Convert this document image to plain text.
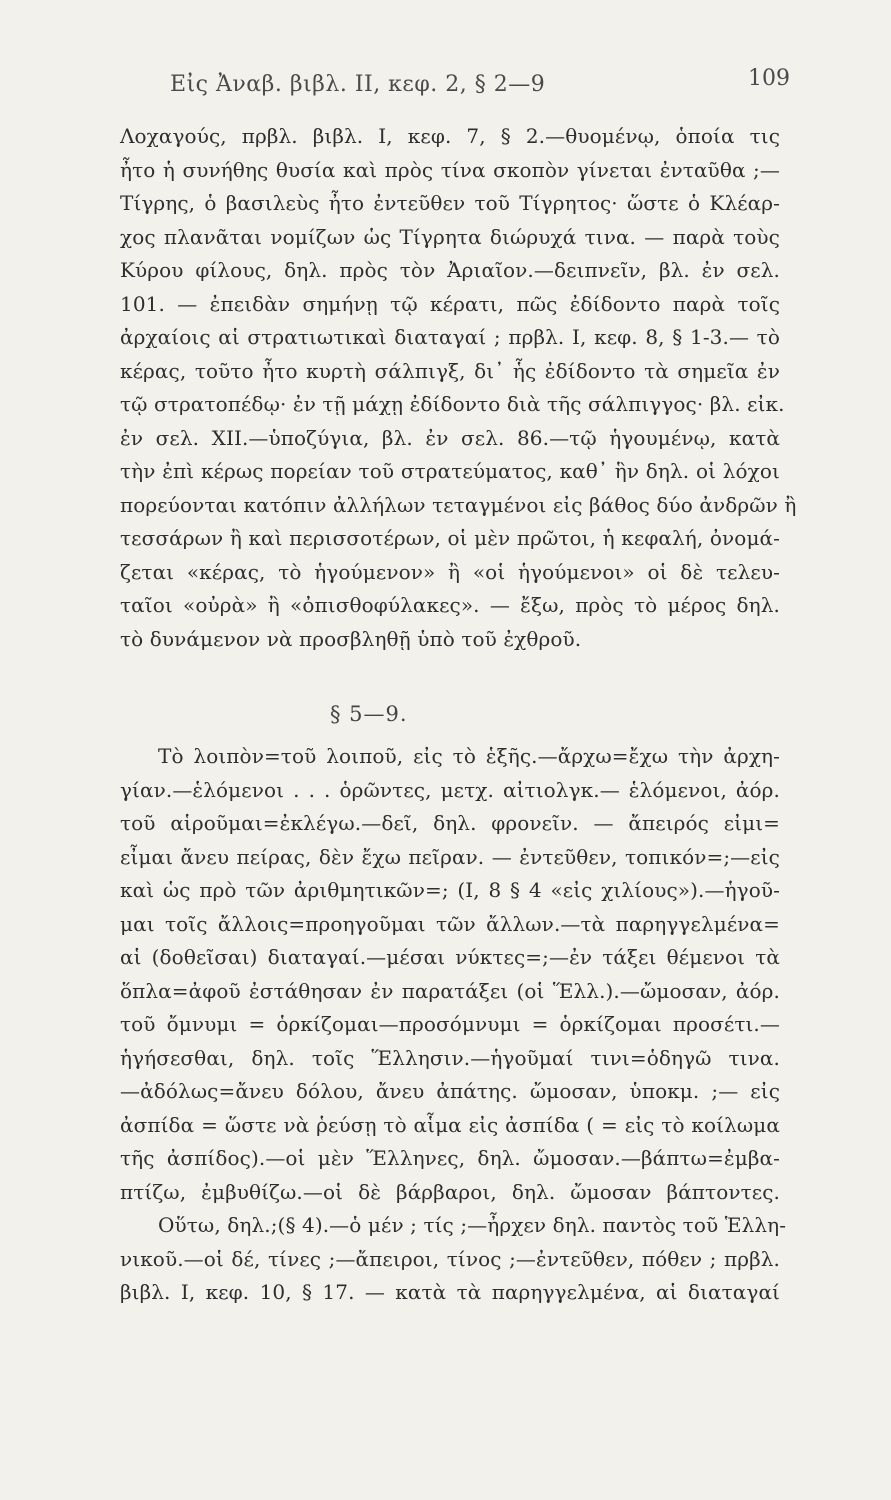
Εἰς Ἀναβ. βιβλ. II, κεφ. 2, § 2—9	109
Λοχαγούς, πρβλ. βιβλ. I, κεφ. 7, § 2.—θυομένῳ, ὁποία τις
ἦτο ἡ συνήθης θυσία καὶ πρὸς τίνα σκοπὸν γίνεται ἐνταῦθα ;—
Τίγρης, ὁ βασιλεὺς ἦτο ἐντεῦθεν τοῦ Τίγρητος· ὥστε ὁ Κλέαρ-
χος πλανᾶται νομίζων ὡς Τίγρητα διώρυχά τινα. — παρὰ τοὺς
Κύρου φίλους, δηλ. πρὸς τὸν Ἀριαῖον.—δειπνεῖν, βλ. ἐν σελ.
101. — ἐπειδὰν σημήνῃ τῷ κέρατι, πῶς ἐδίδοντο παρὰ τοῖς
ἀρχαίοις αἱ στρατιωτικαὶ διαταγαί ; πρβλ. I, κεφ. 8, § 1-3.— τὸ
κέρας, τοῦτο ἦτο κυρτὴ σάλπιγξ, δι᾽ ἧς ἐδίδοντο τὰ σημεῖα ἐν
τῷ στρατοπέδῳ· ἐν τῇ μάχῃ ἐδίδοντο διὰ τῆς σάλπιγγος· βλ. εἰκ.
ἐν σελ. XII.—ὑποζύγια, βλ. ἐν σελ. 86.—τῷ ἡγουμένῳ, κατὰ
τὴν ἐπὶ κέρως πορείαν τοῦ στρατεύματος, καθ᾽ ἣν δηλ. οἱ λόχοι
πορεύονται κατόπιν ἀλλήλων τεταγμένοι εἰς βάθος δύο ἀνδρῶν ἢ
τεσσάρων ἢ καὶ περισσοτέρων, οἱ μὲν πρῶτοι, ἡ κεφαλή, ὀνομά-
ζεται «κέρας, τὸ ἡγούμενον» ἢ «οἱ ἡγούμενοι» οἱ δὲ τελευ-
ταῖοι «οὐρὰ» ἢ «ὀπισθοφύλακες». — ἔξω, πρὸς τὸ μέρος δηλ.
τὸ δυνάμενον νὰ προσβληθῇ ὑπὸ τοῦ ἐχθροῦ.
§ 5—9.
Τὸ λοιπὸν=τοῦ λοιποῦ, εἰς τὸ ἑξῆς.—ἄρχω=ἔχω τὴν ἀρχη-
γίαν.—ἑλόμενοι . . . ὁρῶντες, μετχ. αἰτιολγκ.— ἑλόμενοι, ἀόρ.
τοῦ αἱροῦμαι=ἐκλέγω.—δεῖ, δηλ. φρονεῖν. — ἄπειρός εἰμι=
εἶμαι ἄνευ πείρας, δὲν ἔχω πεῖραν. — ἐντεῦθεν, τοπικόν=;—εἰς
καὶ ὡς πρὸ τῶν ἀριθμητικῶν=; (I, 8 § 4 «εἰς χιλίους»).—ἡγοῦ-
μαι τοῖς ἄλλοις=προηγοῦμαι τῶν ἄλλων.—τὰ παρηγγελμένα=
αἱ (δοθεῖσαι) διαταγαί.—μέσαι νύκτες=;—ἐν τάξει θέμενοι τὰ
ὅπλα=ἀφοῦ ἐστάθησαν ἐν παρατάξει (οἱ Ἕλλ.).—ὤμοσαν, ἀόρ.
τοῦ ὄμνυμι = ὁρκίζομαι—προσόμνυμι = ὁρκίζομαι προσέτι.—
ἡγήσεσθαι, δηλ. τοῖς Ἕλλησιν.—ἡγοῦμαί τινι=ὁδηγῶ τινα.
—ἀδόλως=ἄνευ δόλου, ἄνευ ἀπάτης. ὤμοσαν, ὑποκμ. ;— εἰς
ἀσπίδα = ὥστε νὰ ῥεύσῃ τὸ αἷμα εἰς ἀσπίδα ( = εἰς τὸ κοίλωμα
τῆς ἀσπίδος).—οἱ μὲν Ἕλληνες, δηλ. ὤμοσαν.—βάπτω=ἐμβα-
πτίζω, ἐμβυθίζω.—οἱ δὲ βάρβαροι, δηλ. ὤμοσαν βάπτοντες.
Οὕτω, δηλ.;(§ 4).—ὁ μέν ; τίς ;—ἦρχεν δηλ. παντὸς τοῦ Ἑλλη-
νικοῦ.—οἱ δέ, τίνες ;—ἄπειροι, τίνος ;—ἐντεῦθεν, πόθεν ; πρβλ.
βιβλ. I, κεφ. 10, § 17. — κατὰ τὰ παρηγγελμένα, αἱ διαταγαί
